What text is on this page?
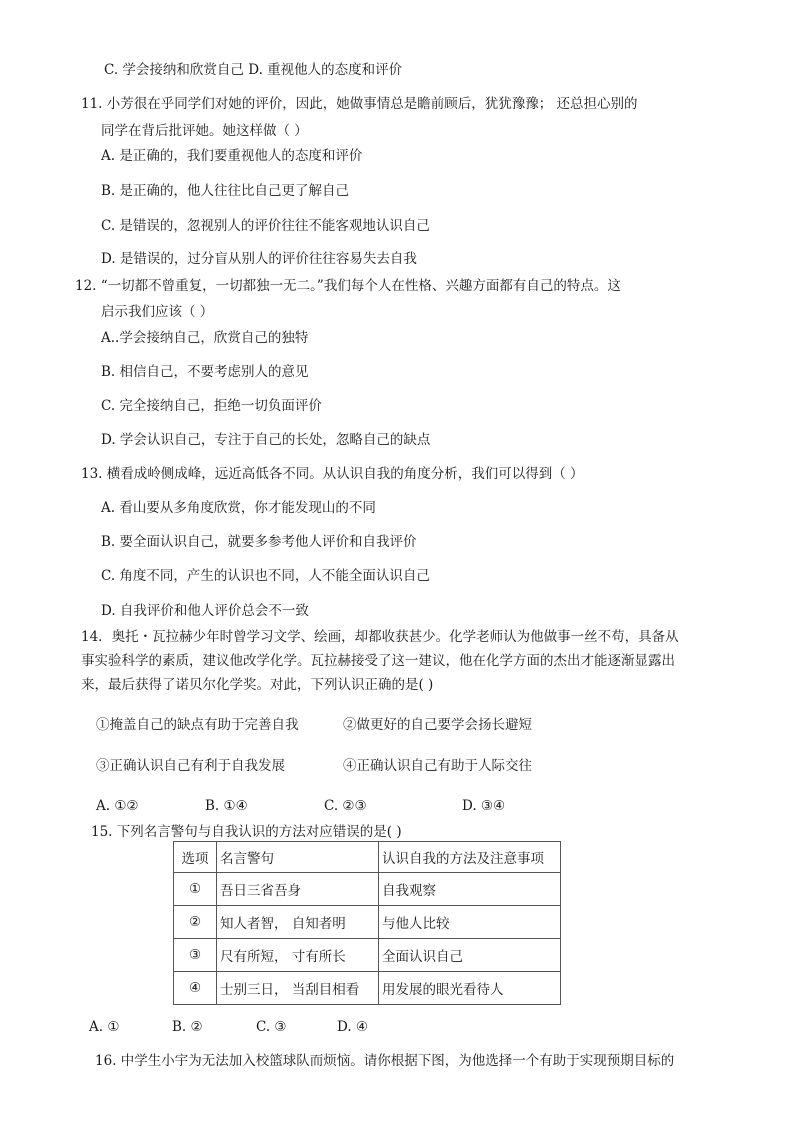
C. 学会接纳和欣赏自己 D. 重视他人的态度和评价
11. 小芳很在乎同学们对她的评价，因此，她做事情总是瞻前顾后，犹犹豫豫； 还总担心别的
同学在背后批评她。她这样做（ ）
A. 是正确的，我们要重视他人的态度和评价
B. 是正确的，他人往往比自己更了解自己
C. 是错误的，忽视别人的评价往往不能客观地认识自己
D. 是错误的，过分盲从别人的评价往往容易失去自我
12. “一切都不曾重复，一切都独一无二。”我们每个人在性格、兴趣方面都有自己的特点。这
启示我们应该（ ）
A..学会接纳自己，欣赏自己的独特
B. 相信自己，不要考虑别人的意见
C. 完全接纳自己，拒绝一切负面评价
D. 学会认识自己，专注于自己的长处，忽略自己的缺点
13. 横看成岭侧成峰，远近高低各不同。从认识自我的角度分析，我们可以得到（ ）
A. 看山要从多角度欣赏，你才能发现山的不同
B. 要全面认识自己，就要多参考他人评价和自我评价
C. 角度不同，产生的认识也不同，人不能全面认识自己
D. 自我评价和他人评价总会不一致
14．奥托・瓦拉赫少年时曾学习文学、绘画，却都收获甚少。化学老师认为他做事一丝不苟，具备从
事实验科学的素质，建议他改学化学。瓦拉赫接受了这一建议，他在化学方面的杰出才能逐渐显露出
来，最后获得了诺贝尔化学奖。对此，下列认识正确的是( )
①掩盖自己的缺点有助于完善自我	②做更好的自己要学会扬长避短
③正确认识自己有利于自我发展	④正确认识自己有助于人际交往
A. ①②	B. ①④	C. ②③	D. ③④
15. 下列名言警句与自我认识的方法对应错误的是( )
选项	名言警句	认识自我的方法及注意事项
①	吾日三省吾身	自我观察
②	知人者智， 自知者明	与他人比较
③	尺有所短， 寸有所长	全面认识自己
④	士别三日， 当刮目相看	用发展的眼光看待人
A. ①	B. ②	C. ③	D. ④
16. 中学生小宇为无法加入校篮球队而烦恼。请你根据下图，为他选择一个有助于实现预期目标的
